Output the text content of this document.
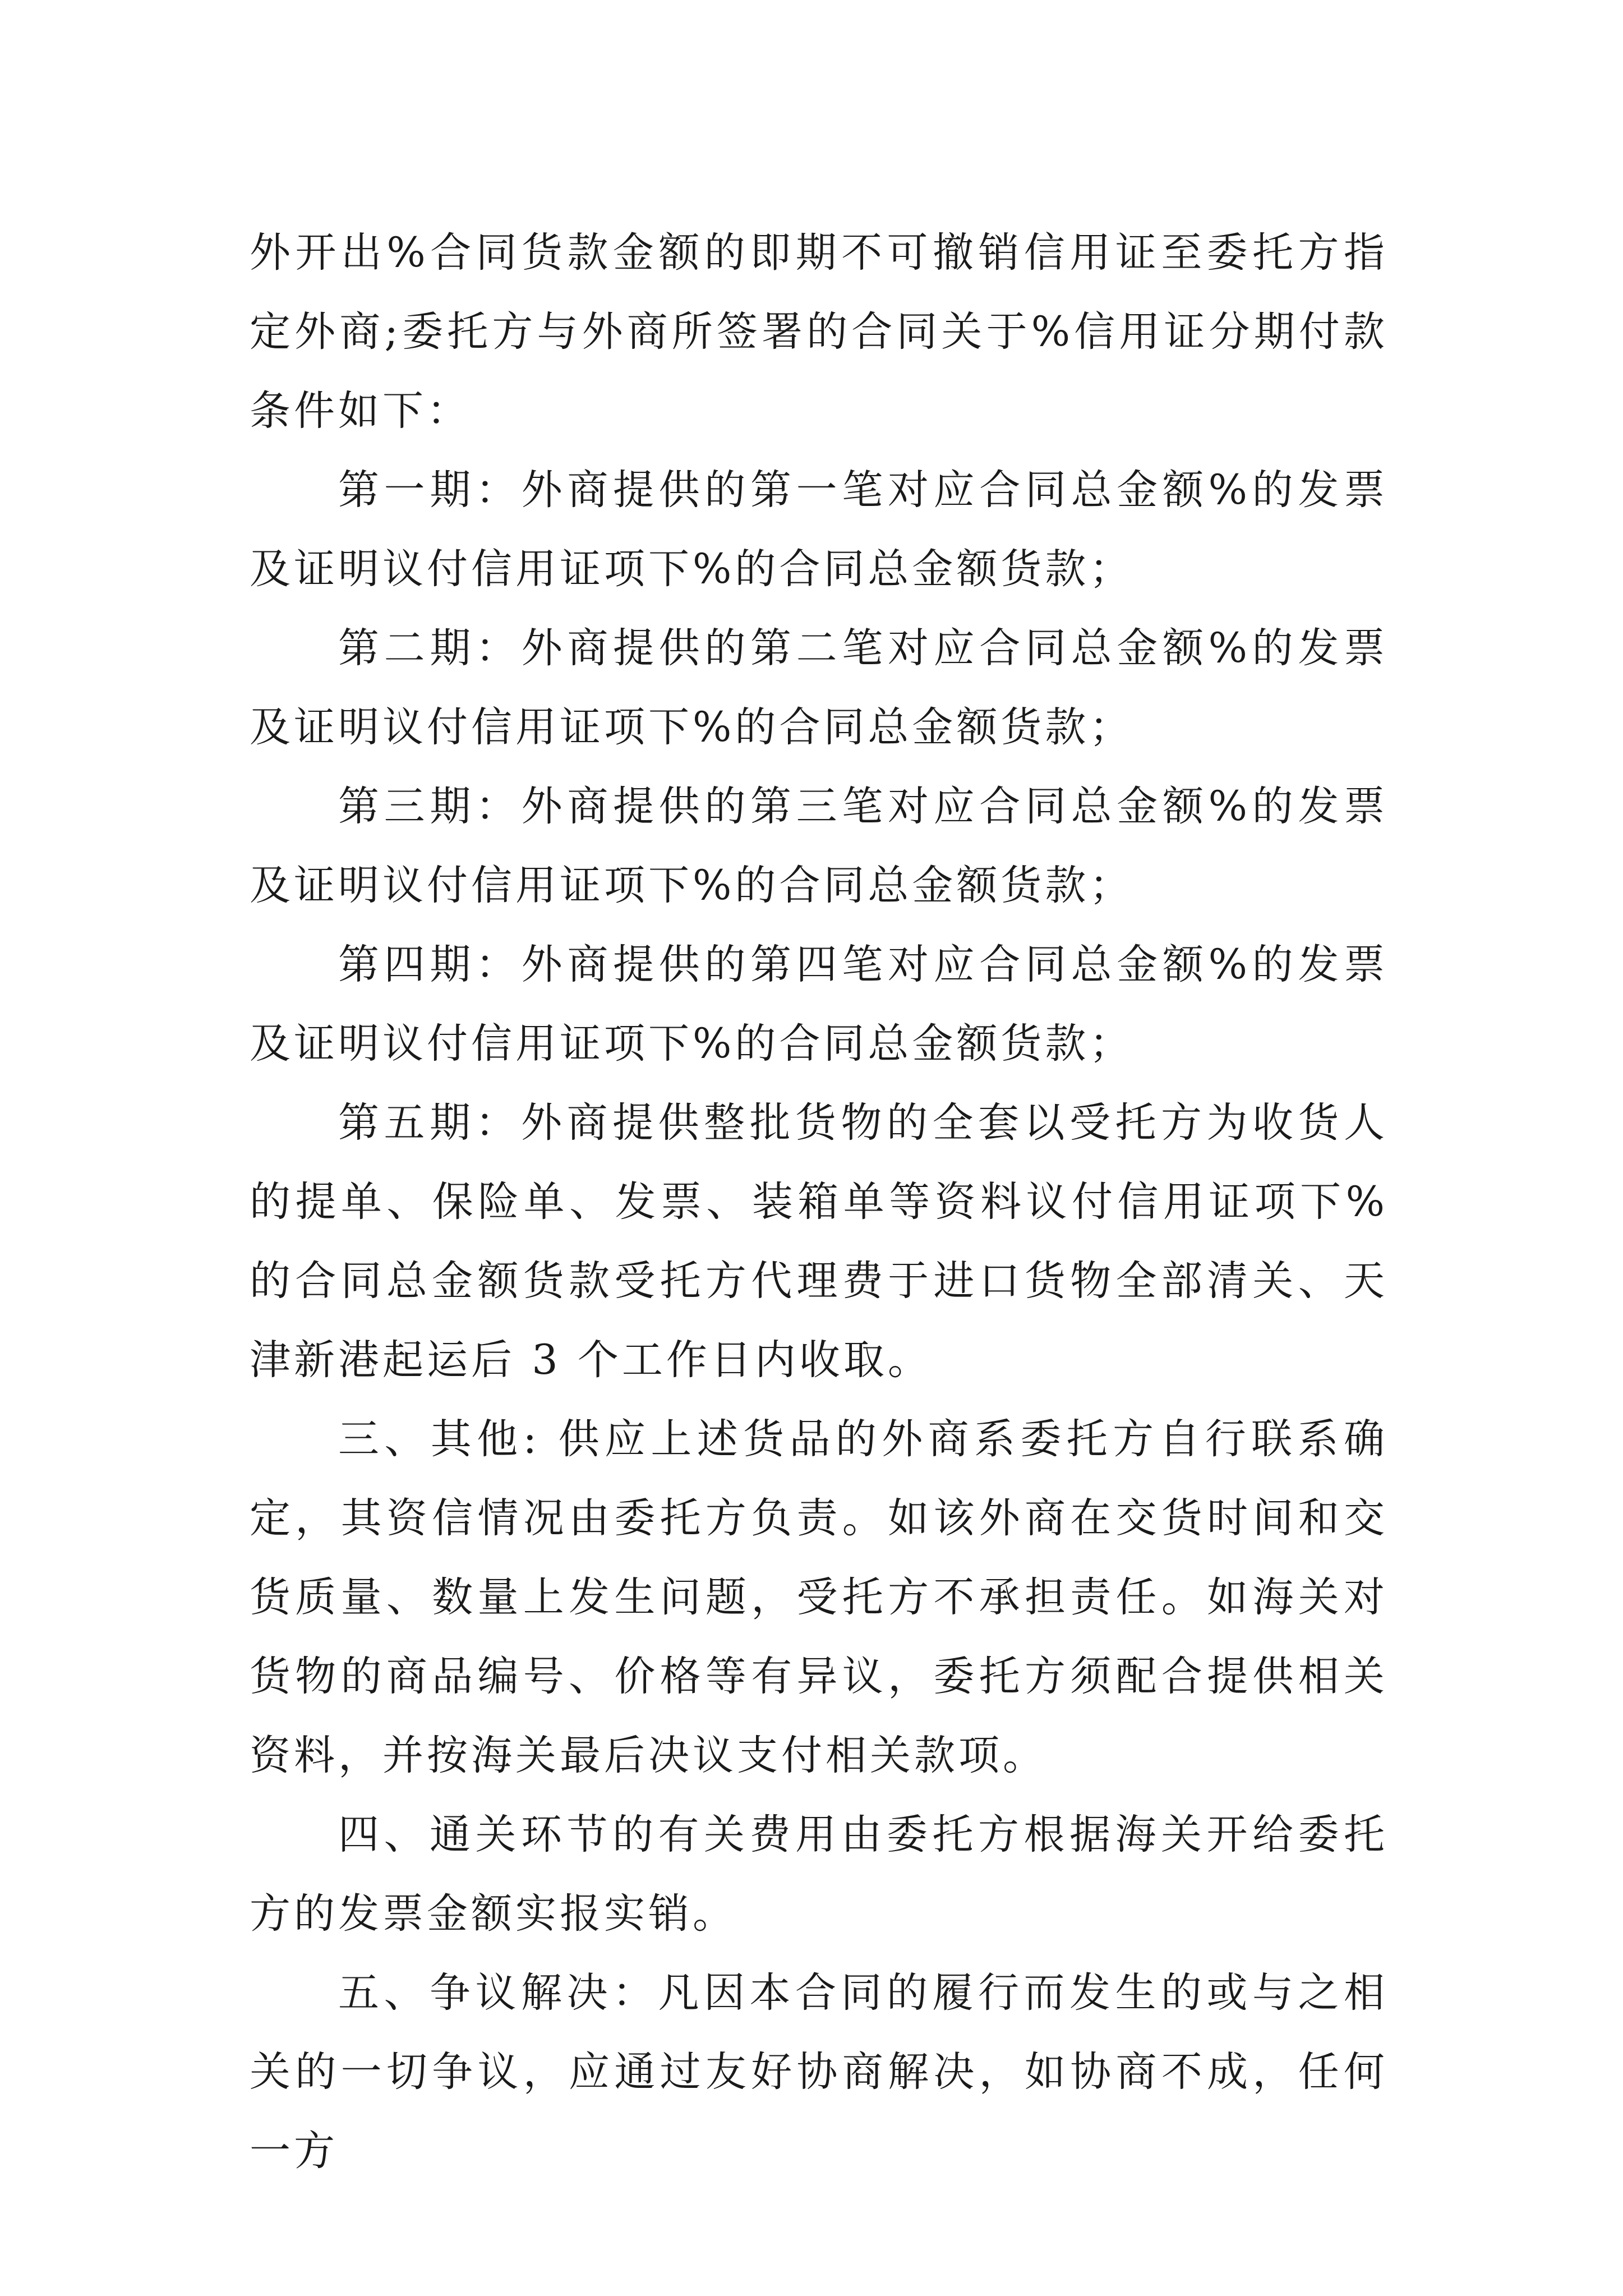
外开出%合同货款金额的即期不可撤销信用证至委托方指定外商;委托方与外商所签署的合同关于%信用证分期付款条件如下：

第一期：外商提供的第一笔对应合同总金额%的发票及证明议付信用证项下%的合同总金额货款；

第二期：外商提供的第二笔对应合同总金额%的发票及证明议付信用证项下%的合同总金额货款；

第三期：外商提供的第三笔对应合同总金额%的发票及证明议付信用证项下%的合同总金额货款；

第四期：外商提供的第四笔对应合同总金额%的发票及证明议付信用证项下%的合同总金额货款；

第五期：外商提供整批货物的全套以受托方为收货人的提单、保险单、发票、装箱单等资料议付信用证项下%的合同总金额货款受托方代理费于进口货物全部清关、天津新港起运后 3 个工作日内收取。

三、其他: 供应上述货品的外商系委托方自行联系确定，其资信情况由委托方负责。如该外商在交货时间和交货质量、数量上发生问题，受托方不承担责任。如海关对货物的商品编号、价格等有异议，委托方须配合提供相关资料，并按海关最后决议支付相关款项。

四、通关环节的有关费用由委托方根据海关开给委托方的发票金额实报实销。

五、争议解决：凡因本合同的履行而发生的或与之相关的一切争议，应通过友好协商解决，如协商不成，任何一方
